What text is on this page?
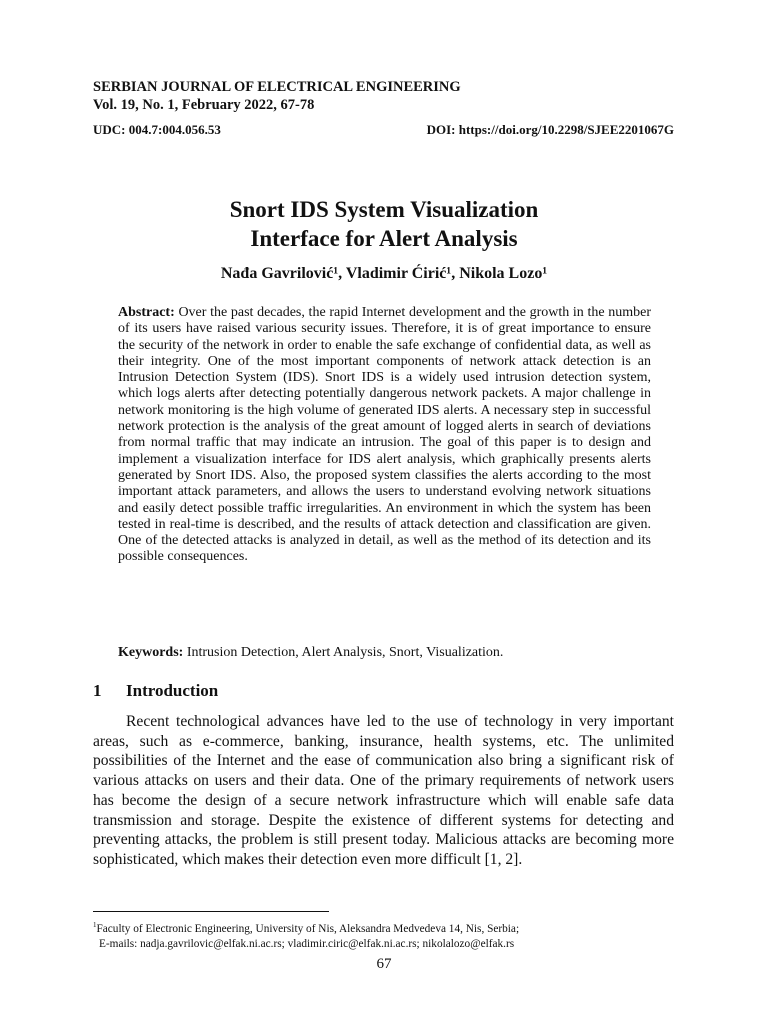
SERBIAN JOURNAL OF ELECTRICAL ENGINEERING
Vol. 19, No. 1, February 2022, 67-78
UDC: 004.7:004.056.53	DOI: https://doi.org/10.2298/SJEE2201067G
Snort IDS System Visualization
Interface for Alert Analysis
Nađa Gavrilović¹, Vladimir Ćirić¹, Nikola Lozo¹
Abstract: Over the past decades, the rapid Internet development and the growth in the number of its users have raised various security issues. Therefore, it is of great importance to ensure the security of the network in order to enable the safe exchange of confidential data, as well as their integrity. One of the most important components of network attack detection is an Intrusion Detection System (IDS). Snort IDS is a widely used intrusion detection system, which logs alerts after detecting potentially dangerous network packets. A major challenge in network monitoring is the high volume of generated IDS alerts. A necessary step in successful network protection is the analysis of the great amount of logged alerts in search of deviations from normal traffic that may indicate an intrusion. The goal of this paper is to design and implement a visualization interface for IDS alert analysis, which graphically presents alerts generated by Snort IDS. Also, the proposed system classifies the alerts according to the most important attack parameters, and allows the users to understand evolving network situations and easily detect possible traffic irregularities. An environment in which the system has been tested in real-time is described, and the results of attack detection and classification are given. One of the detected attacks is analyzed in detail, as well as the method of its detection and its possible consequences.
Keywords: Intrusion Detection, Alert Analysis, Snort, Visualization.
1 Introduction

Recent technological advances have led to the use of technology in very important areas, such as e-commerce, banking, insurance, health systems, etc. The unlimited possibilities of the Internet and the ease of communication also bring a significant risk of various attacks on users and their data. One of the primary requirements of network users has become the design of a secure network infrastructure which will enable safe data transmission and storage. Despite the existence of different systems for detecting and preventing attacks, the problem is still present today. Malicious attacks are becoming more sophisticated, which makes their detection even more difficult [1, 2].

$^1$Faculty of Electronic Engineering, University of Nis, Aleksandra Medvedeva 14, Nis, Serbia;
E-mails: nadja.gavrilovic@elfak.ni.ac.rs; vladimir.ciric@elfak.ni.ac.rs; nikolalozo@elfak.rs
67
